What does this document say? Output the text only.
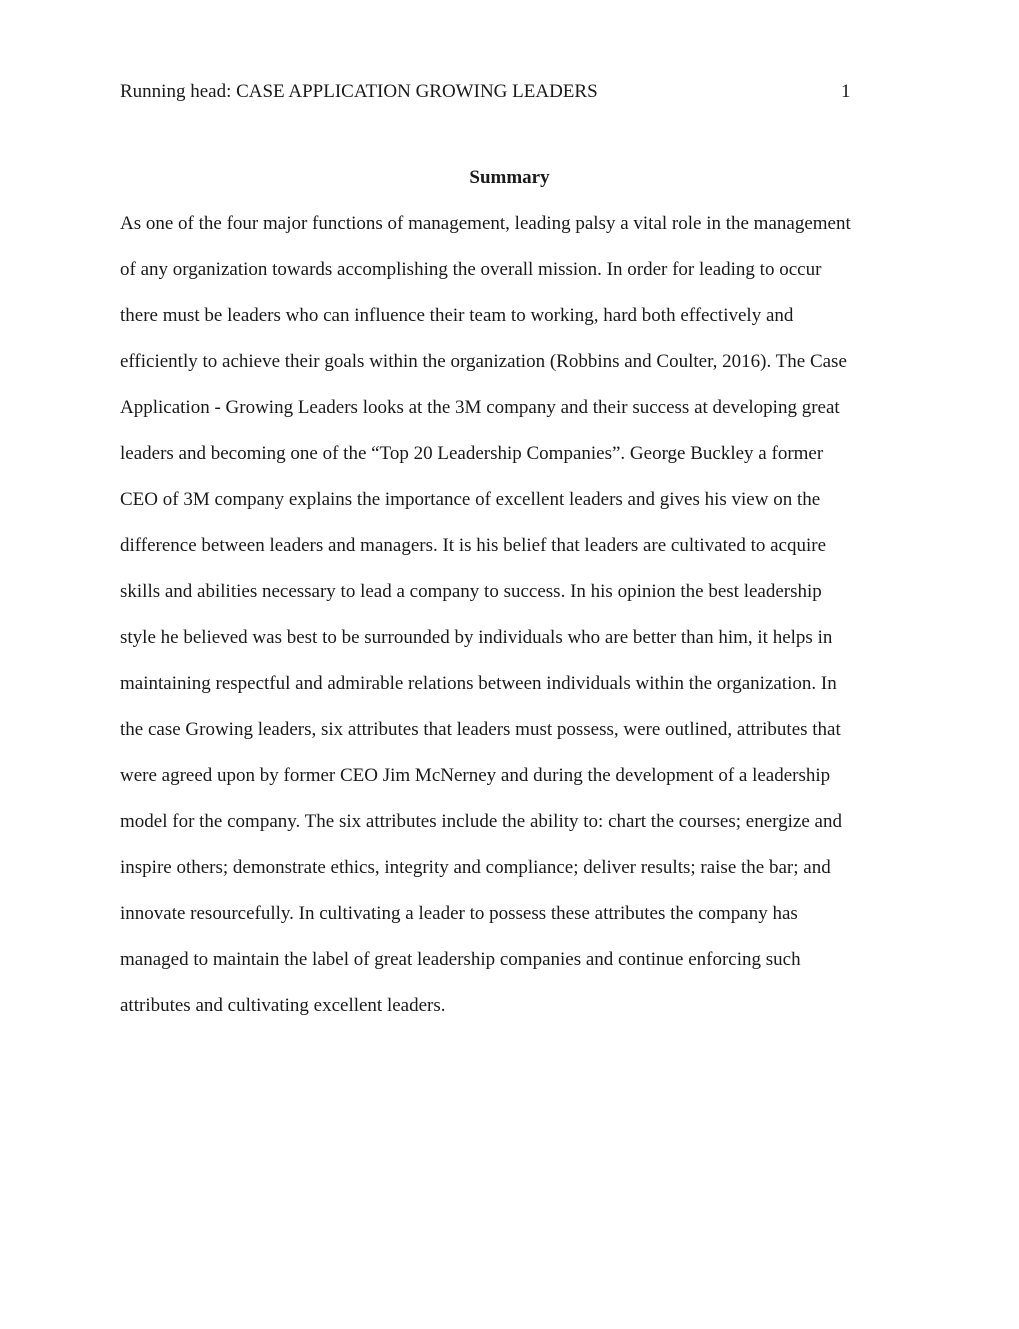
Running head: CASE APPLICATION GROWING LEADERS	1
Summary
As one of the four major functions of management, leading palsy a vital role in the management
of any organization towards accomplishing the overall mission. In order for leading to occur
there must be leaders who can influence their team to working, hard both effectively and
efficiently to achieve their goals within the organization (Robbins and Coulter, 2016). The Case
Application - Growing Leaders looks at the 3M company and their success at developing great
leaders and becoming one of the “Top 20 Leadership Companies”. George Buckley a former
CEO of 3M company explains the importance of excellent leaders and gives his view on the
difference between leaders and managers. It is his belief that leaders are cultivated to acquire
skills and abilities necessary to lead a company to success. In his opinion the best leadership
style he believed was best to be surrounded by individuals who are better than him, it helps in
maintaining respectful and admirable relations between individuals within the organization. In
the case Growing leaders, six attributes that leaders must possess, were outlined, attributes that
were agreed upon by former CEO Jim McNerney and during the development of a leadership
model for the company. The six attributes include the ability to: chart the courses; energize and
inspire others; demonstrate ethics, integrity and compliance; deliver results; raise the bar; and
innovate resourcefully. In cultivating a leader to possess these attributes the company has
managed to maintain the label of great leadership companies and continue enforcing such
attributes and cultivating excellent leaders.
